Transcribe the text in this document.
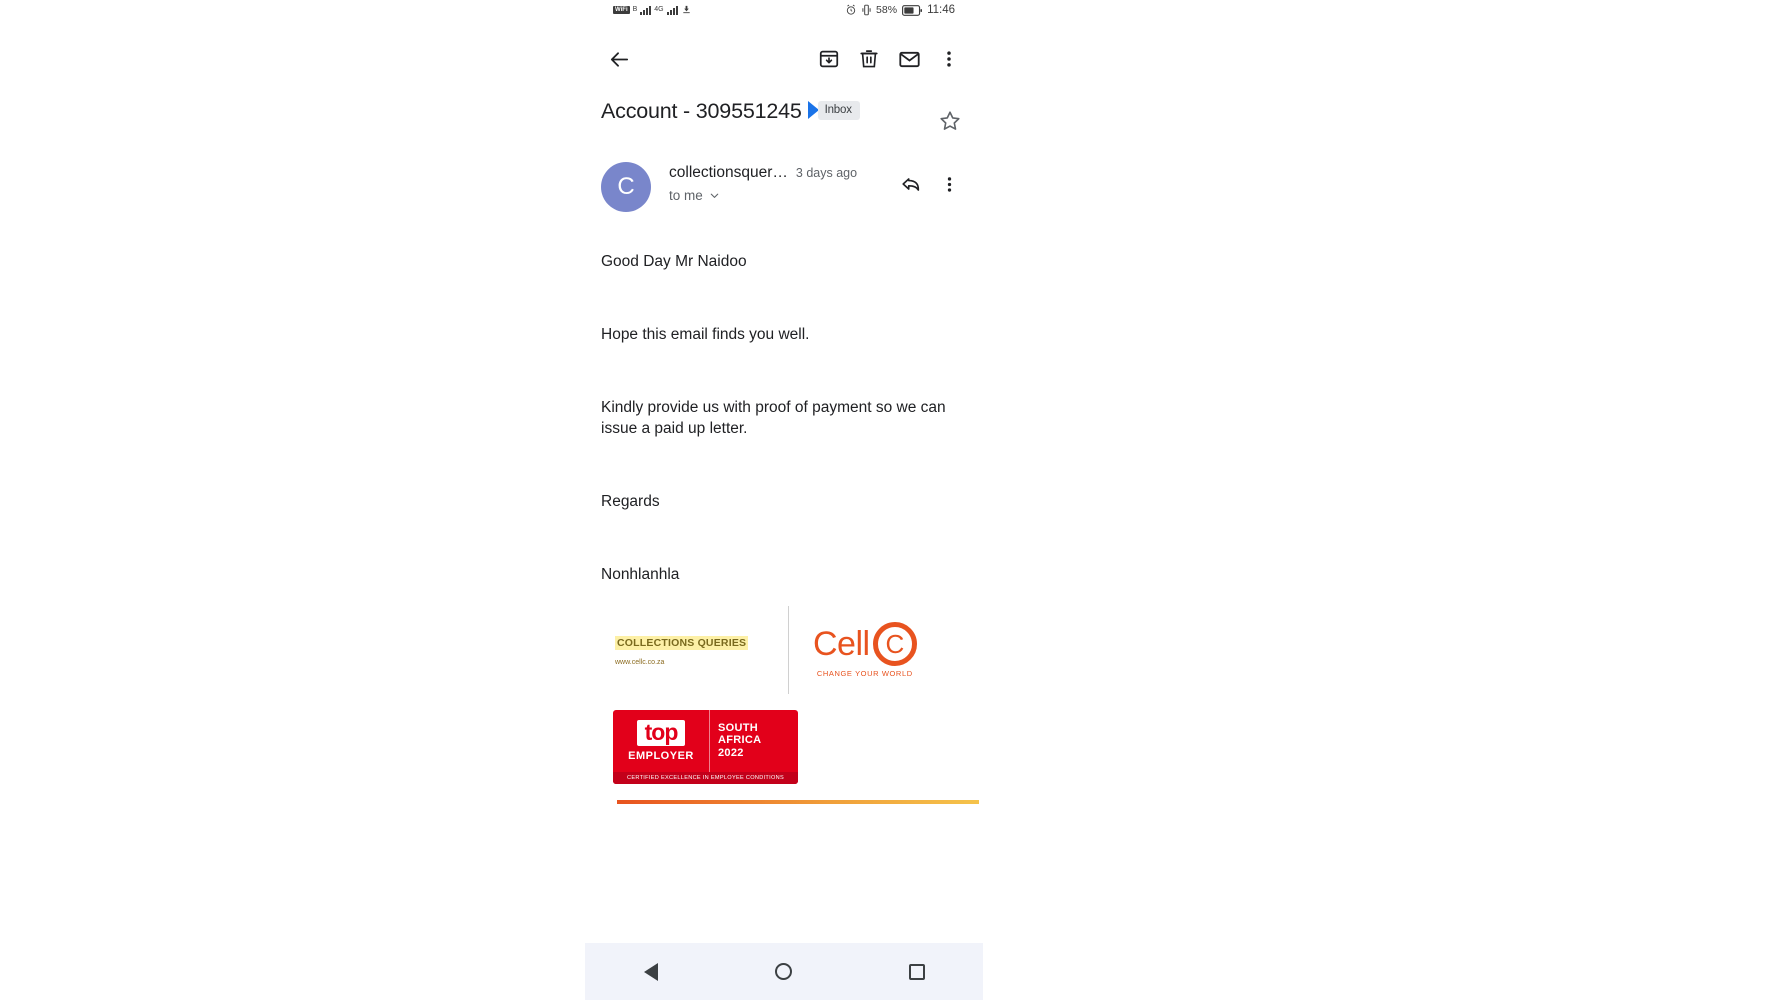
WiFi B 4G	58%	11:46
Account - 309551245	Inbox
C
collectionsquer… 3 days ago
to me

Good Day Mr Naidoo

Hope this email finds you well.

Kindly provide us with proof of payment so we can issue a paid up letter.

Regards

Nonhlanhla

COLLECTIONS QUERIES
www.cellc.co.za	Cell C
CHANGE YOUR WORLD
top
EMPLOYER
SOUTH
AFRICA
2022
CERTIFIED EXCELLENCE IN EMPLOYEE CONDITIONS
